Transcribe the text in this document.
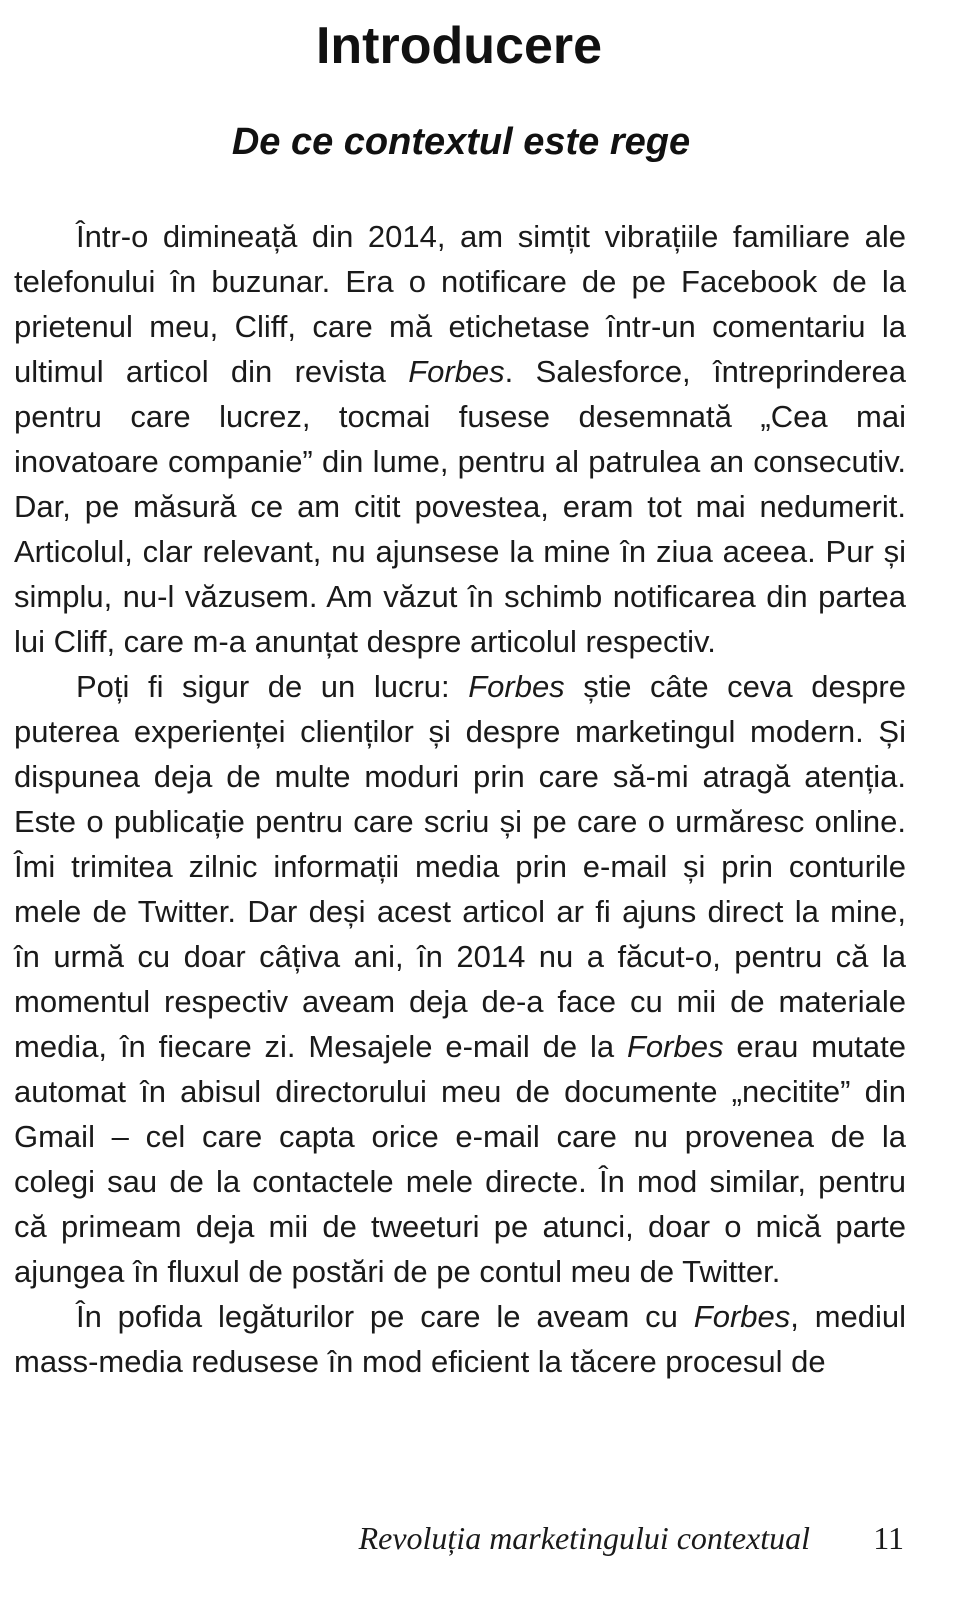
Introducere
De ce contextul este rege

Într-o dimineață din 2014, am simțit vibrațiile familiare ale telefonului în buzunar. Era o notificare de pe Facebook de la prietenul meu, Cliff, care mă etichetase într-un comentariu la ultimul articol din revista Forbes. Salesforce, întreprinderea pentru care lucrez, tocmai fusese desemnată „Cea mai inovatoare companie” din lume, pentru al patrulea an consecutiv. Dar, pe măsură ce am citit povestea, eram tot mai nedumerit. Articolul, clar relevant, nu ajunsese la mine în ziua aceea. Pur și simplu, nu-l văzusem. Am văzut în schimb notificarea din partea lui Cliff, care m-a anunțat despre articolul respectiv.

Poți fi sigur de un lucru: Forbes știe câte ceva despre puterea experienței clienților și despre marketingul modern. Și dispunea deja de multe moduri prin care să-mi atragă atenția. Este o publicație pentru care scriu și pe care o urmăresc online. Îmi trimitea zilnic informații media prin e-mail și prin conturile mele de Twitter. Dar deși acest articol ar fi ajuns direct la mine, în urmă cu doar câțiva ani, în 2014 nu a făcut-o, pentru că la momentul respectiv aveam deja de-a face cu mii de materiale media, în fiecare zi. Mesajele e-mail de la Forbes erau mutate automat în abisul directorului meu de documente „necitite” din Gmail – cel care capta orice e-mail care nu provenea de la colegi sau de la contactele mele directe. În mod similar, pentru că primeam deja mii de tweeturi pe atunci, doar o mică parte ajungea în fluxul de postări de pe contul meu de Twitter.

În pofida legăturilor pe care le aveam cu Forbes, mediul mass-media redusese în mod eficient la tăcere procesul de

Revoluția marketingului contextual 11
